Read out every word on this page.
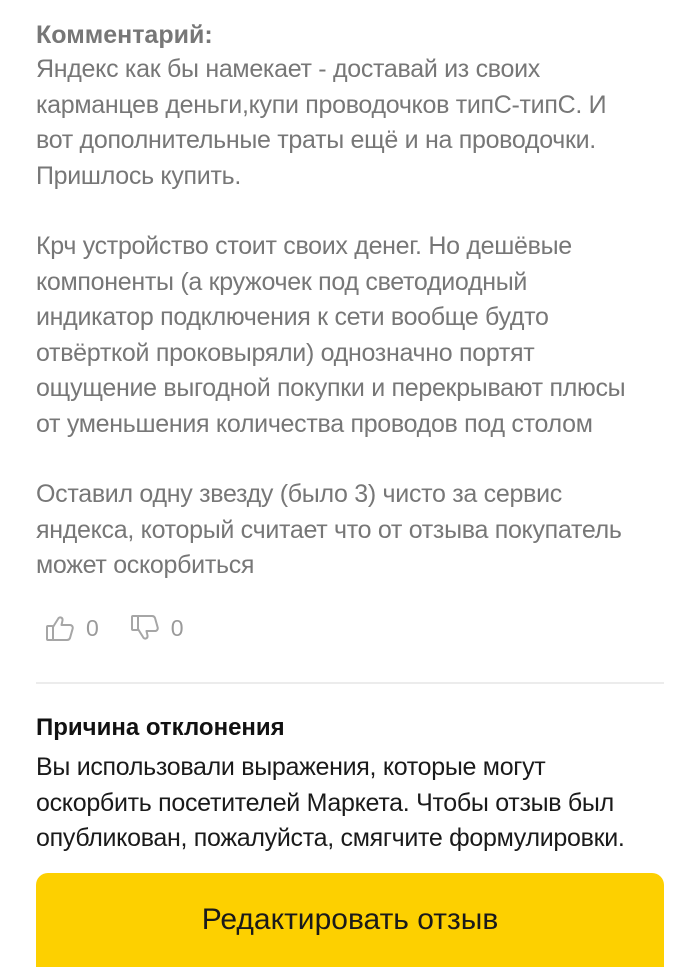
Комментарий:
Яндекс как бы намекает - доставай из своих
карманцев деньги,купи проводочков типС-типС. И
вот дополнительные траты ещё и на проводочки.
Пришлось купить.
Крч устройство стоит своих денег. Но дешёвые
компоненты (а кружочек под светодиодный
индикатор подключения к сети вообще будто
отвёрткой проковыряли) однозначно портят
ощущение выгодной покупки и перекрывают плюсы
от уменьшения количества проводов под столом
Оставил одну звезду (было 3) чисто за сервис
яндекса, который считает что от отзыва покупатель
может оскорбиться
0	0
Причина отклонения
Вы использовали выражения, которые могут
оскорбить посетителей Маркета. Чтобы отзыв был
опубликован, пожалуйста, смягчите формулировки.
Редактировать отзыв
